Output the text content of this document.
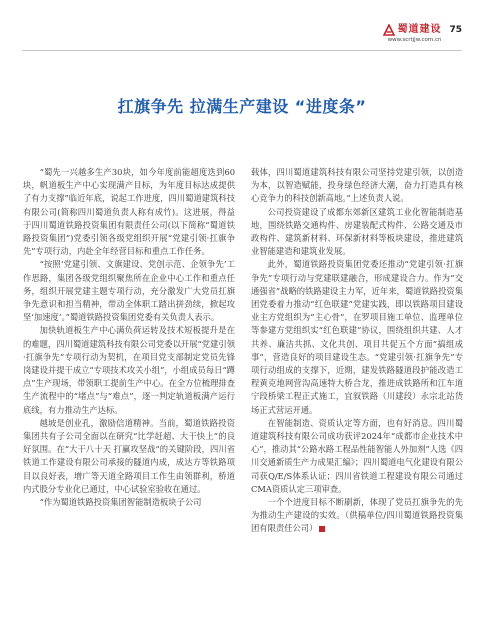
蜀道建设
www.scrtjjw.com.cn
75
扛旗争先 拉满生产建设 “进度条”

“蜀先一兴越多生产30块，如今年度前能超度迭到60块，帆道板生产中心实现满产目标，为年度目标达成提供了有力支撑”临近年底，说起工作进度，四川蜀道建筑科技有限公司(简称四川蜀道负责人称有成竹)。这进展，得益于四川蜀道铁路投资集团有限责任公司(以下简称“蜀道铁路投资集团”)党委引领各级党组织开展“党建引领·扛旗争先”专项行动，内赴全年经营目标和重点工作任务。

“按照‘党建引领、文旗建设、党创示范、企领争先’工作思路，集团各级党组织聚焦所在企业中心工作和重点任务，组织开展党建主题专项行动，充分激发广大党员扛旗争先意识和担当精神，带动全体职工踏出拼劲续，掀起攻坚‘加速度’。”蜀道铁路投资集团党委有关负责人表示。

加快轨道板生产中心满负荷运转及技术短板提升是在的难题，四川蜀道建筑科技有限公司党委以开展“党建引领·扛旗争先”专项行动为契机，在项目党支部制定党员先锋岗建设并提干成立“专项技术攻关小组”，小组成员每日“蹲点”生产现场，带领职工提前生产中心。在全方位梳理排查生产流程中的“堵点”与“难点”，逐一判定轨道板满产运行底线，有力推动生产达标。

越坡是创业孔，激励信道精神。当前，蜀道铁路投资集团共有子公司全面以在研究“比学赶超、大干快上”的良好氛围。在“大干八十天 打赢攻坚战”的关键阶段，四川省铁道工作建设有限公司承接的隧道内成，成达方等铁路项目以良好表，增广等天道全路项目工作生由领群利，桥道内式股分专业化已通过，中心试验室验收在通过。

“作为蜀道铁路投资集团智能制造板块子公司

载体，四川蜀道建筑科技有限公司坚持党建引领，以创造为本，以智造赋能，投身绿色经济大潮，奋力打造具有核心竞争力的科技创新高地。”上述负责人说。

公司投资建设了成都东郊新区建筑工业化智能制造基地，围绕铁路交通构件、房建装配式构件、公路交通及市政构件、建筑新材料、环保新材料等板块建设，推进建筑业智能建造和建筑业发展。

此外，蜀道铁路投资集团党委还推动“党建引领·扛旗争先”专项行动与党建联建融合，形成建设合力。作为“交通强省”战略的铁路建设主力军，近年来，蜀道铁路投资集团党委着力推动“红色联建”党建实践，即以铁路项目建设业主方党组织为“主心骨”，在罗项目施工单位、监理单位等参建方党组织实“红色联建”协议，围绕组织共建、人才共养、廉洁共抓、文化共创、项目共促五个方面“搞组成事”，营造良好的项目建设生态。“党建引领·扛旗争先”专项行动组成的支撑下，近期，建发铁路隧道段护能改造工程黄克地网营沟高速特大桥合龙，推进成铁路所和江车道宁段桥梁工程正式施工，宜叙铁路（川建段）永宗北站货场正式营运开通。

在智能制造、资质认定等方面，也有好消息。四川蜀道建筑科技有限公司成功获评2024年“成都市企业技术中心”，推动其“公路水路工程品性能智能人外加剂”人选《四川交通新质生产力成果汇编》；四川蜀道电气化建设有限公司获Q/E/S体系认证；四川省铁道工程建设有限公司通过CMA资质认定三项审查。

一个个进度目标不断刷新，体现了党员扛旗争先的先为推动生产建设的实效。（供稿单位/四川蜀道铁路投资集团有限责任公司）
